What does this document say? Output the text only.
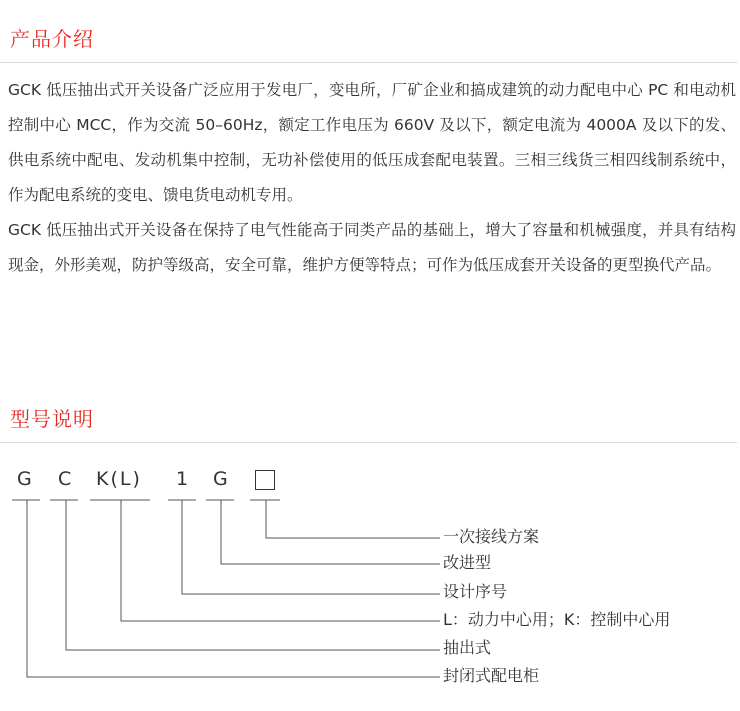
产品介绍

GCK 低压抽出式开关设备广泛应用于发电厂，变电所，厂矿企业和搞成建筑的动力配电中心 PC 和电动机控制中心 MCC，作为交流 50–60Hz，额定工作电压为 660V 及以下，额定电流为 4000A 及以下的发、供电系统中配电、发动机集中控制，无功补偿使用的低压成套配电装置。三相三线货三相四线制系统中，作为配电系统的变电、馈电货电动机专用。

GCK 低压抽出式开关设备在保持了电气性能高于同类产品的基础上，增大了容量和机械强度，并具有结构现金，外形美观，防护等级高，安全可靠，维护方便等特点；可作为低压成套开关设备的更型换代产品。

型号说明
G C K(L) 1 G
一次接线方案
改进型
设计序号
L：动力中心用；K：控制中心用
抽出式
封闭式配电柜
